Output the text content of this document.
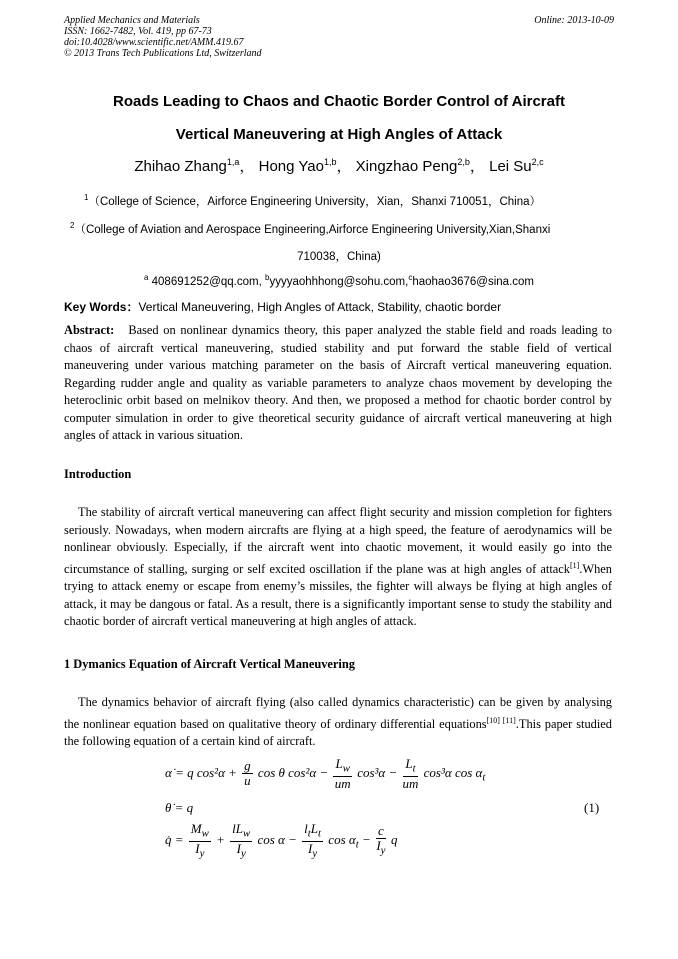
Applied Mechanics and Materials
ISSN: 1662-7482, Vol. 419, pp 67-73
doi:10.4028/www.scientific.net/AMM.419.67
© 2013 Trans Tech Publications Ltd, Switzerland
Online: 2013-10-09
Roads Leading to Chaos and Chaotic Border Control of Aircraft
Vertical Maneuvering at High Angles of Attack
Zhihao Zhang$^{1,a}$， Hong Yao$^{1,b}$， Xingzhao Peng$^{2,b}$， Lei Su$^{2,c}$
$^1$（College of Science，Airforce Engineering University，Xian，Shanxi 710051，China）
$^2$（College of Aviation and Aerospace Engineering,Airforce Engineering University,Xian,Shanxi
710038，China)
$^a$ 408691252@qq.com, $^b$yyyyaohhhong@sohu.com,$^c$haohao3676@sina.com
Key Words：Vertical Maneuvering, High Angles of Attack, Stability, chaotic border
Abstract: Based on nonlinear dynamics theory, this paper analyzed the stable field and roads leading to chaos of aircraft vertical maneuvering, studied stability and put forward the stable field of vertical maneuvering under various matching parameter on the basis of Aircraft vertical maneuvering equation. Regarding rudder angle and quality as variable parameters to analyze chaos movement by developing the heteroclinic orbit based on melnikov theory. And then, we proposed a method for chaotic border control by computer simulation in order to give theoretical security guidance of aircraft vertical maneuvering at high angles of attack in various situation.
Introduction
The stability of aircraft vertical maneuvering can affect flight security and mission completion for fighters seriously. Nowadays, when modern aircrafts are flying at a high speed, the feature of aerodynamics will be nonlinear obviously. Especially, if the aircraft went into chaotic movement, it would easily go into the circumstance of stalling, surging or self excited oscillation if the plane was at high angles of attack[1].When trying to attack enemy or escape from enemy’s missiles, the fighter will always be flying at high angles of attack, it may be dangous or fatal. As a result, there is a significantly important sense to study the stability and chaotic border of aircraft vertical maneuvering at high angles of attack.
1 Dymanics Equation of Aircraft Vertical Maneuvering
The dynamics behavior of aircraft flying (also called dynamics characteristic) can be given by analysing the nonlinear equation based on qualitative theory of ordinary differential equations[10] [11].This paper studied the following equation of a certain kind of aircraft.
α̇ = q $\cos^2\alpha + \frac{g}{u}$ cos θ $\cos^2\alpha - \frac{L_w}{um} \cos^3\alpha - \frac{L_t}{um} \cos^3\alpha$ $\cos \alpha_t$
θ̇ = q
q̇ = $\frac{M_w}{I_y} + \frac{lL_w}{I_y}$ $\cos \alpha - \frac{l_tL_t}{I_y}$ $\cos \alpha_t - \frac{c}{I_y}$ q
(1)
